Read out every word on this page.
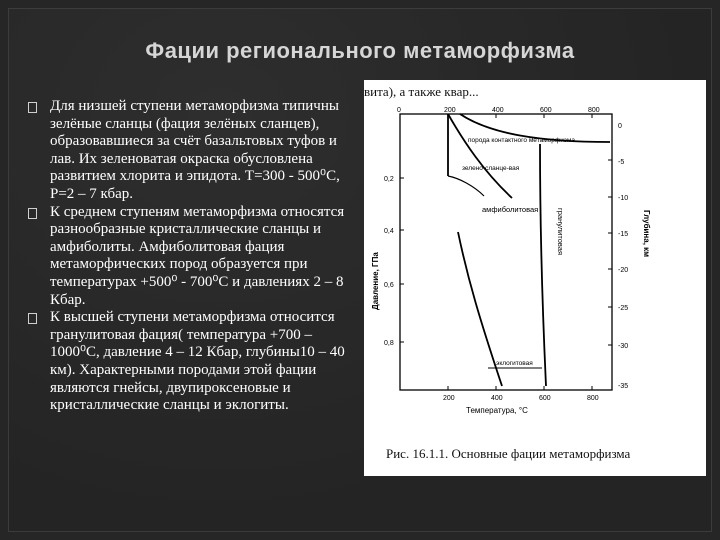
Фации регионального метаморфизма
Для низшей ступени метаморфизма типичны зелёные сланцы (фация зелёных сланцев), образовавшиеся за счёт базальтовых туфов и лав. Их зеленоватая окраска обусловлена развитием хлорита и эпидота. Т=300 - 500⁰С, Р=2 – 7 кбар.
К среднем ступеням метаморфизма относятся разнообразные кристаллические сланцы и амфиболиты. Амфиболитовая фация метаморфических пород образуется при температурах +500⁰ - 700⁰С и давлениях 2 – 8 Кбар.
К высшей ступени метаморфизма относится гранулитовая фация( температура +700 – 1000⁰С, давление 4 – 12 Кбар, глубины10 – 40 км). Характерными породами этой фации являются гнейсы, двупироксеновые и кристаллические сланцы и эклогиты.
вита), а также квар...
0	200	400	600	800
200	400	600	800
0,2
0,4
0,6
0,8
0
-5
-10
-15
-20
-25
-30
-35
порода контактного метаморфизма
зелено-сланце-вая
амфиболитовая гранулитовая
эклогитовая
Температура, °С
Давление, ГПа
Глубина, км
Рис. 16.1.1. Основные фации метаморфизма
